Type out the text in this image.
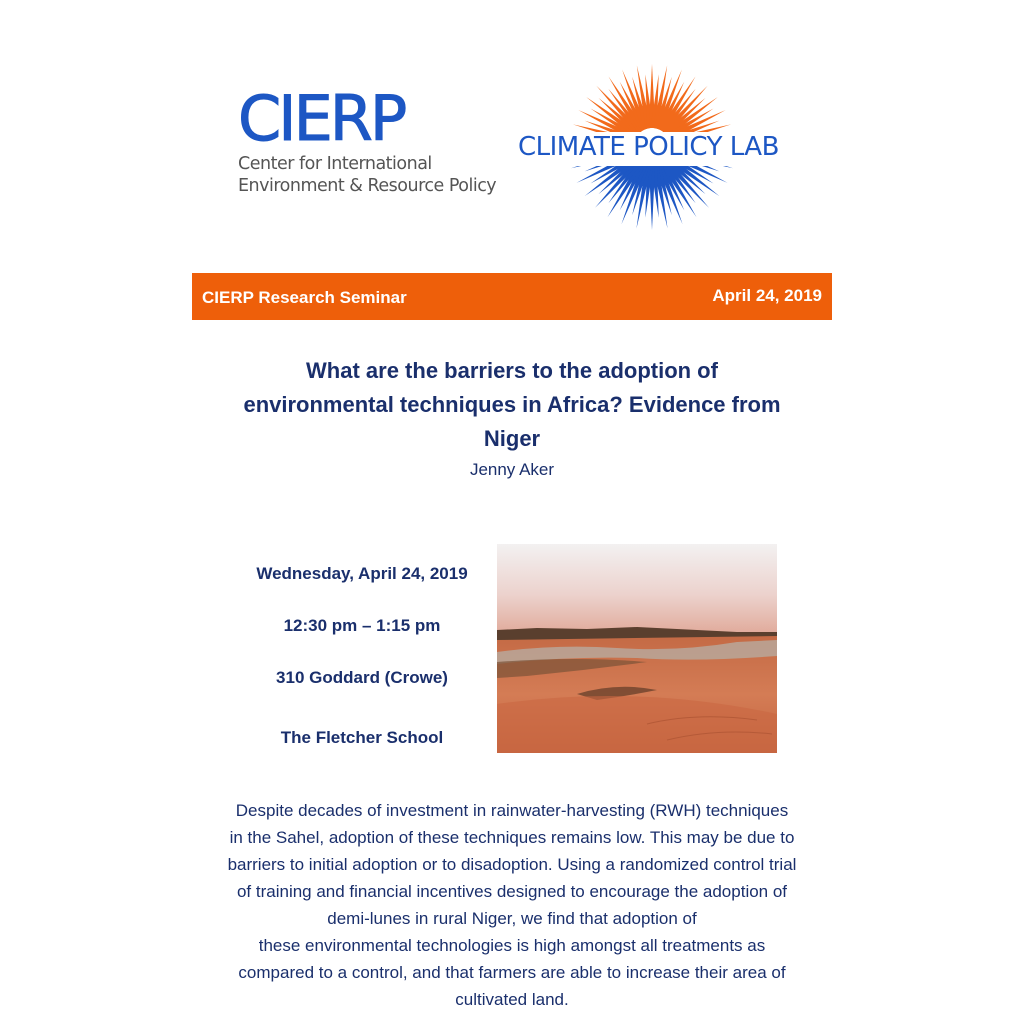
CIERP
Center for International
Environment & Resource Policy
CLIMATE POLICY LAB
CIERP Research Seminar	April 24, 2019
What are the barriers to the adoption of environmental techniques in Africa? Evidence from Niger
Jenny Aker
Wednesday, April 24, 2019
12:30 pm – 1:15 pm
310 Goddard (Crowe)
The Fletcher School
Despite decades of investment in rainwater-harvesting (RWH) techniques
in the Sahel, adoption of these techniques remains low. This may be due to
barriers to initial adoption or to disadoption. Using a randomized control trial
of training and financial incentives designed to encourage the adoption of
demi-lunes in rural Niger, we find that adoption of
these environmental technologies is high amongst all treatments as
compared to a control, and that farmers are able to increase their area of
cultivated land.
